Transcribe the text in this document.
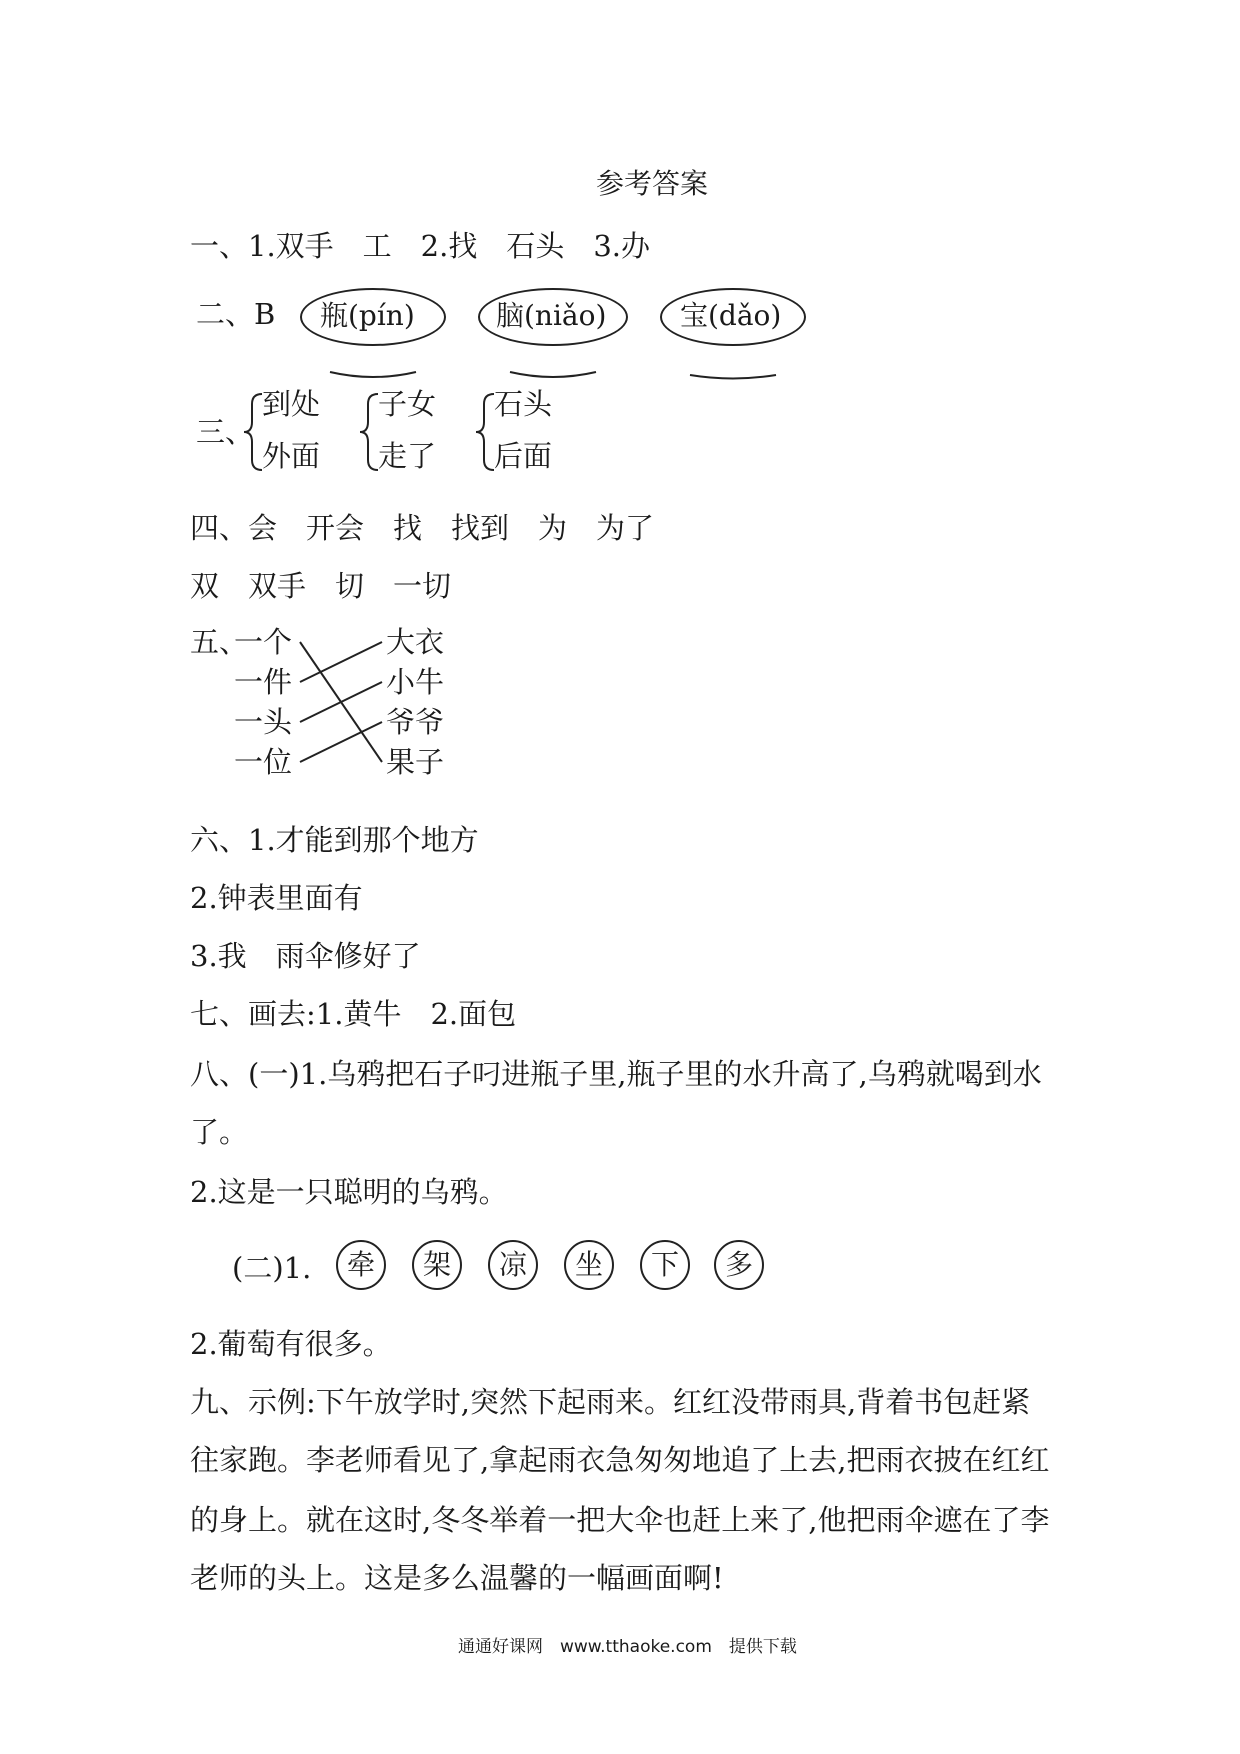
参考答案
一、1.双手　工　2.找　石头　3.办
二、B 瓶(pín)	脑(niǎo)	宝(dǎo)
三、
到处
外面
子女
走了
石头
后面
四、会　开会　找　找到　为　为了
双　双手　切　一切
五、
一个
一件
一头
一位
大衣
小牛
爷爷
果子
六、1.才能到那个地方
2.钟表里面有
3.我　雨伞修好了
七、画去:1.黄牛　2.面包
八、(一)1.乌鸦把石子叼进瓶子里,瓶子里的水升高了,乌鸦就喝到水
了。
2.这是一只聪明的乌鸦。
(二)1.	牵	架	凉	坐	下	多
2.葡萄有很多。
九、示例:下午放学时,突然下起雨来。红红没带雨具,背着书包赶紧
往家跑。李老师看见了,拿起雨衣急匆匆地追了上去,把雨衣披在红红
的身上。就在这时,冬冬举着一把大伞也赶上来了,他把雨伞遮在了李
老师的头上。这是多么温馨的一幅画面啊!
通通好课网　www.tthaoke.com　提供下载
